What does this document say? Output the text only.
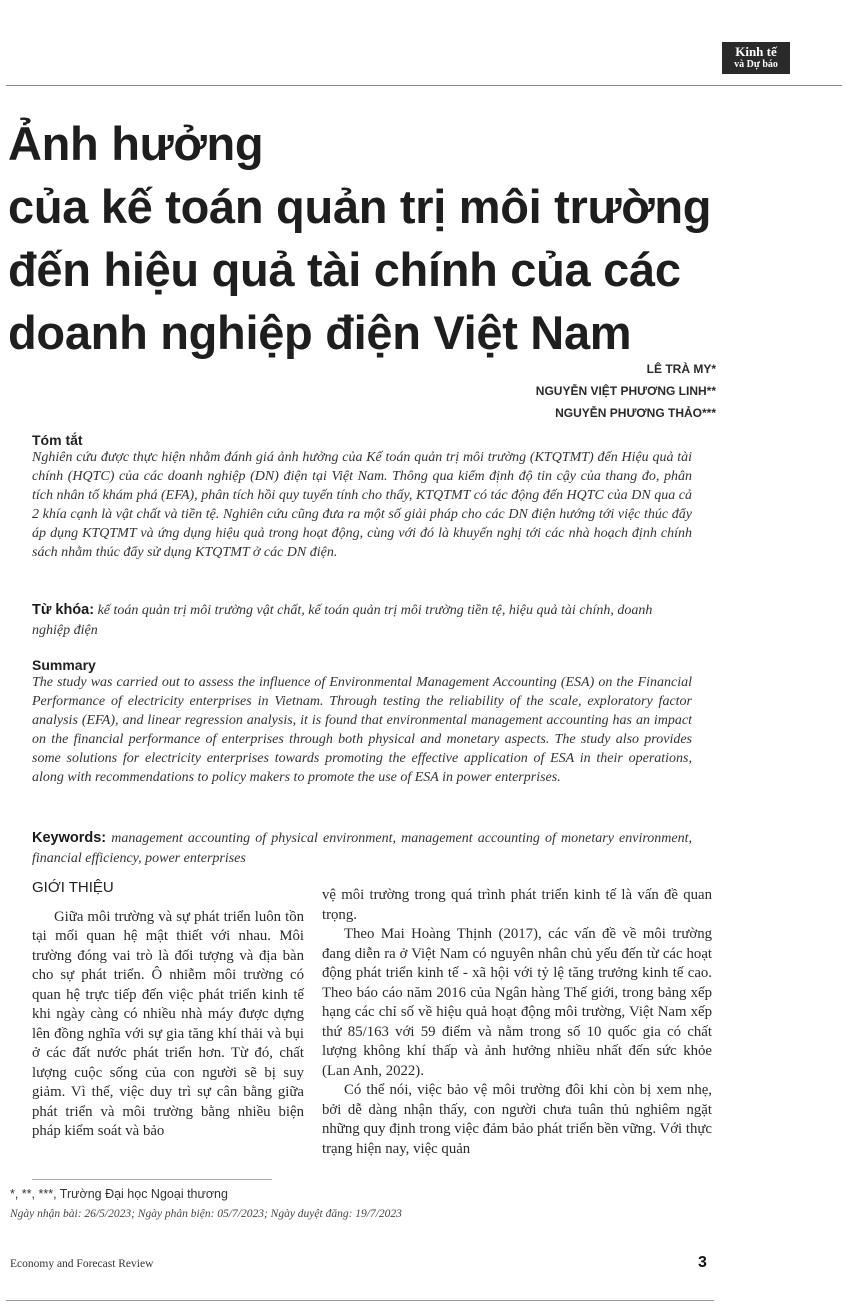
Kinh tế
và Dự báo
Ảnh hưởng
của kế toán quản trị môi trường
đến hiệu quả tài chính của các
doanh nghiệp điện Việt Nam
LÊ TRÀ MY*
NGUYỄN VIỆT PHƯƠNG LINH**
NGUYỄN PHƯƠNG THẢO***
Tóm tắt
Nghiên cứu được thực hiện nhằm đánh giá ảnh hưởng của Kế toán quản trị môi trường (KTQTMT) đến Hiệu quả tài chính (HQTC) của các doanh nghiệp (DN) điện tại Việt Nam. Thông qua kiểm định độ tin cậy của thang đo, phân tích nhân tố khám phá (EFA), phân tích hồi quy tuyến tính cho thấy, KTQTMT có tác động đến HQTC của DN qua cả 2 khía cạnh là vật chất và tiền tệ. Nghiên cứu cũng đưa ra một số giải pháp cho các DN điện hướng tới việc thúc đẩy áp dụng KTQTMT và ứng dụng hiệu quả trong hoạt động, cùng với đó là khuyến nghị tới các nhà hoạch định chính sách nhằm thúc đẩy sử dụng KTQTMT ở các DN điện.
Từ khóa: kế toán quản trị môi trường vật chất, kế toán quản trị môi trường tiền tệ, hiệu quả tài chính, doanh nghiệp điện
Summary
The study was carried out to assess the influence of Environmental Management Accounting (ESA) on the Financial Performance of electricity enterprises in Vietnam. Through testing the reliability of the scale, exploratory factor analysis (EFA), and linear regression analysis, it is found that environmental management accounting has an impact on the financial performance of enterprises through both physical and monetary aspects. The study also provides some solutions for electricity enterprises towards promoting the effective application of ESA in their operations, along with recommendations to policy makers to promote the use of ESA in power enterprises.
Keywords: management accounting of physical environment, management accounting of monetary environment, financial efficiency, power enterprises

GIỚI THIỆU

Giữa môi trường và sự phát triển luôn tồn tại mối quan hệ mật thiết với nhau. Môi trường đóng vai trò là đối tượng và địa bàn cho sự phát triển. Ô nhiễm môi trường có quan hệ trực tiếp đến việc phát triển kinh tế khi ngày càng có nhiều nhà máy được dựng lên đồng nghĩa với sự gia tăng khí thải và bụi ở các đất nước phát triển hơn. Từ đó, chất lượng cuộc sống của con người sẽ bị suy giảm. Vì thế, việc duy trì sự cân bằng giữa phát triển và môi trường bằng nhiều biện pháp kiểm soát và bảo

vệ môi trường trong quá trình phát triển kinh tế là vấn đề quan trọng.

Theo Mai Hoàng Thịnh (2017), các vấn đề về môi trường đang diễn ra ở Việt Nam có nguyên nhân chủ yếu đến từ các hoạt động phát triển kinh tế - xã hội với tỷ lệ tăng trưởng kinh tế cao. Theo báo cáo năm 2016 của Ngân hàng Thế giới, trong bảng xếp hạng các chỉ số về hiệu quả hoạt động môi trường, Việt Nam xếp thứ 85/163 với 59 điểm và nằm trong số 10 quốc gia có chất lượng không khí thấp và ảnh hưởng nhiều nhất đến sức khỏe (Lan Anh, 2022).

Có thể nói, việc bảo vệ môi trường đôi khi còn bị xem nhẹ, bởi dễ dàng nhận thấy, con người chưa tuân thủ nghiêm ngặt những quy định trong việc đảm bảo phát triển bền vững. Với thực trạng hiện nay, việc quản

*, **, ***, Trường Đại học Ngoại thương
Ngày nhận bài: 26/5/2023; Ngày phản biện: 05/7/2023; Ngày duyệt đăng: 19/7/2023
Economy and Forecast Review	3
